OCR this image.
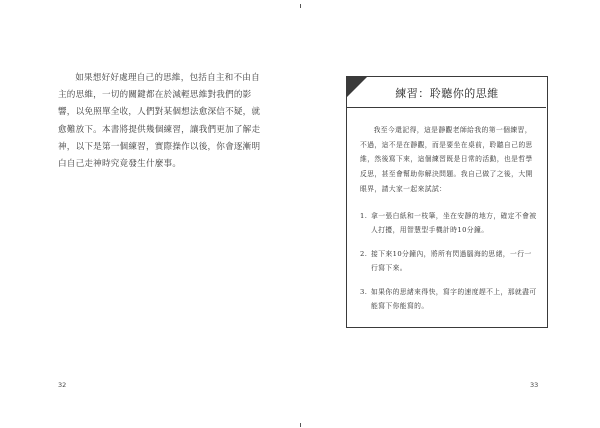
如果想好好處理自己的思維，包括自主和不由自主的思維，一切的關鍵都在於減輕思維對我們的影響，以免照單全收，人們對某個想法愈深信不疑，就愈難放下。本書將提供幾個練習，讓我們更加了解走神，以下是第一個練習，實際操作以後，你會逐漸明白自己走神時究竟發生什麼事。

32
練習：聆聽你的思維

我至今還記得，這是靜觀老師給我的第一個練習，不過，這不是在靜觀，而是要坐在桌前，聆聽自己的思維，然後寫下來，這個練習既是日常的活動，也是哲學反思，甚至會幫助你解決問題。我自己做了之後，大開眼界，請大家一起來試試：

1. 拿一張白紙和一枝筆，坐在安靜的地方，確定不會被人打擾，用智慧型手機計時10分鐘。
2. 接下來10分鐘內，將所有閃過腦海的思緒，一行一行寫下來。
3. 如果你的思緒來得快，寫字的速度趕不上，那就盡可能寫下你能寫的。
33
